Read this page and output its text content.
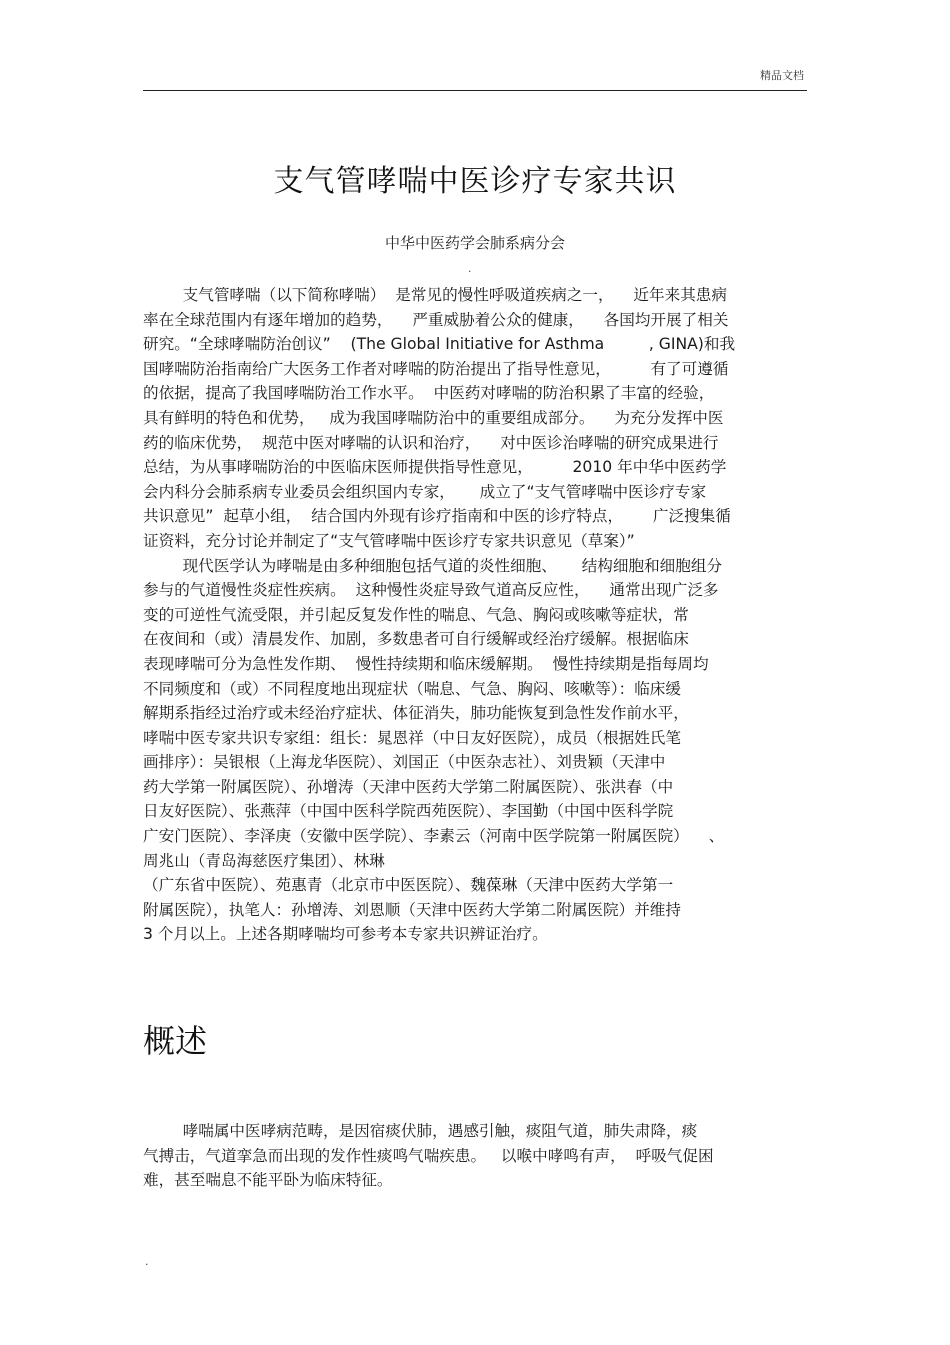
精品文档
支气管哮喘中医诊疗专家共识
中华中医药学会肺系病分会
.
支气管哮喘（以下简称哮喘）  是常见的慢性呼吸道疾病之一，    近年来其患病
率在全球范围内有逐年增加的趋势，    严重威胁着公众的健康，    各国均开展了相关
研究。“全球哮喘防治创议”    (The Global Initiative for Asthma         , GINA)和我
国哮喘防治指南给广大医务工作者对哮喘的防治提出了指导性意见，        有了可遵循
的依据，提高了我国哮喘防治工作水平。  中医药对哮喘的防治积累了丰富的经验，
具有鲜明的特色和优势，   成为我国哮喘防治中的重要组成部分。    为充分发挥中医
药的临床优势，  规范中医对哮喘的认识和治疗，    对中医诊治哮喘的研究成果进行
总结，为从事哮喘防治的中医临床医师提供指导性意见，        2010 年中华中医药学
会内科分会肺系病专业委员会组织国内专家，     成立了“支气管哮喘中医诊疗专家
共识意见”  起草小组，  结合国内外现有诊疗指南和中医的诊疗特点，      广泛搜集循
证资料，充分讨论并制定了“支气管哮喘中医诊疗专家共识意见（草案）”
现代医学认为哮喘是由多种细胞包括气道的炎性细胞、     结构细胞和细胞组分
参与的气道慢性炎症性疾病。  这种慢性炎症导致气道高反应性，    通常出现广泛多
变的可逆性气流受限，并引起反复发作性的喘息、气急、胸闷或咳嗽等症状，常
在夜间和（或）清晨发作、加剧，多数患者可自行缓解或经治疗缓解。根据临床
表现哮喘可分为急性发作期、  慢性持续期和临床缓解期。  慢性持续期是指每周均
不同频度和（或）不同程度地出现症状（喘息、气急、胸闷、咳嗽等）：临床缓
解期系指经过治疗或未经治疗症状、体征消失，肺功能恢复到急性发作前水平，
哮喘中医专家共识专家组：组长：晁恩祥（中日友好医院），成员（根据姓氏笔
画排序）：吴银根（上海龙华医院）、刘国正（中医杂志社）、刘贵颖（天津中
药大学第一附属医院）、孙增涛（天津中医药大学第二附属医院）、张洪春（中
日友好医院）、张燕萍（中国中医科学院西苑医院）、李国勤（中国中医科学院
广安门医院）、李泽庚（安徽中医学院）、李素云（河南中医学院第一附属医院）    、
周兆山（青岛海慈医疗集团）、林琳
（广东省中医院）、苑惠青（北京市中医医院）、魏葆琳（天津中医药大学第一
附属医院），执笔人：孙增涛、刘恩顺（天津中医药大学第二附属医院）并维持
3 个月以上。上述各期哮喘均可参考本专家共识辨证治疗。
概述
哮喘属中医哮病范畴，是因宿痰伏肺，遇感引触，痰阻气道，肺失肃降，痰
气搏击，气道挛急而出现的发作性痰鸣气喘疾患。   以喉中哮鸣有声，  呼吸气促困
难，甚至喘息不能平卧为临床特征。
.
